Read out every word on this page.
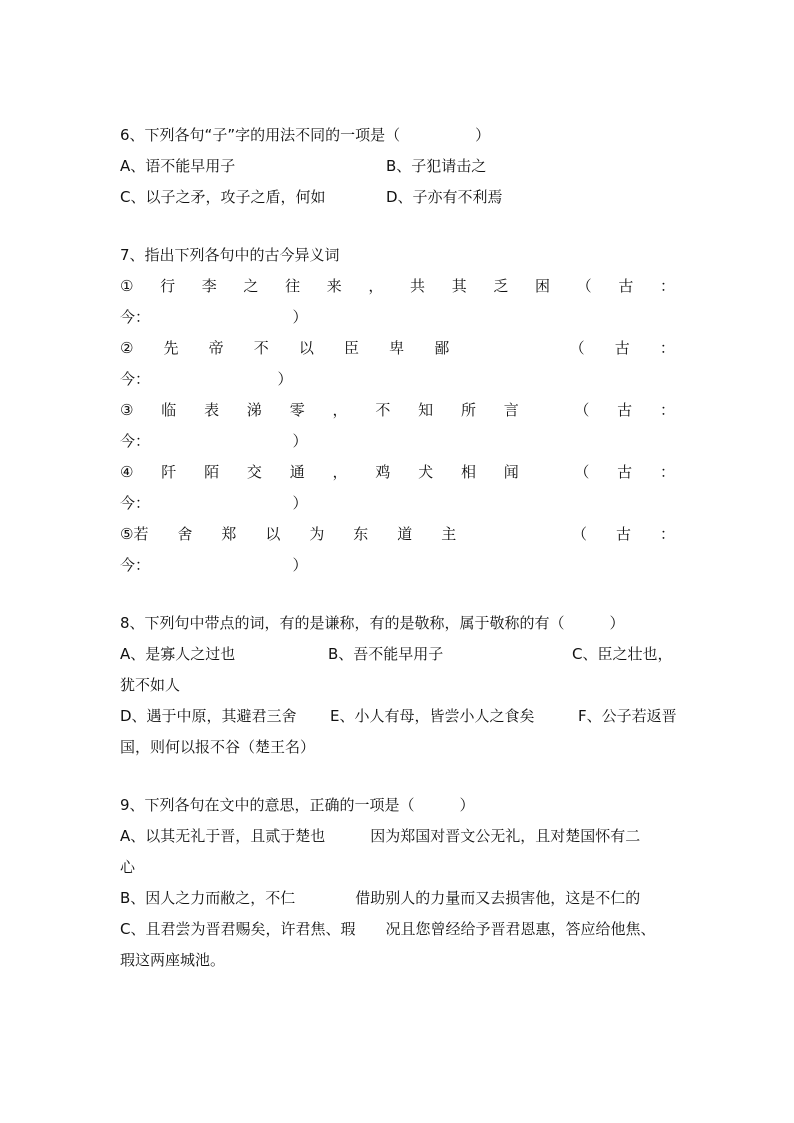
6、下列各句“子”字的用法不同的一项是（　　　　　）
A、语不能早用子	B、子犯请击之
C、以子之矛，攻子之盾，何如	D、子亦有不利焉
7、指出下列各句中的古今异义词
① 行 李 之 往 来 ， 共 其 乏 困 （ 古 ：
今：　　　　　　　　　　）
② 先 帝 不 以 臣 卑 鄙	（ 古 ：
今：　　　　　　　　　）
③ 临 表 涕 零 ， 不 知 所 言	（ 古 ：
今：　　　　　　　　　　）
④ 阡 陌 交 通 ， 鸡 犬 相 闻	（ 古 ：
今：　　　　　　　　　　）
⑤若 舍 郑 以 为 东 道 主	（ 古 ：
今：　　　　　　　　　　）
8、下列句中带点的词，有的是谦称，有的是敬称，属于敬称的有（　　　）
A、是寡人之过也	B、吾不能早用子	C、臣之壮也，
犹不如人
D、遇于中原，其避君三舍 E、小人有母，皆尝小人之食矣	F、公子若返晋
国，则何以报不谷（楚王名）
9、下列各句在文中的意思，正确的一项是（　　　）
A、以其无礼于晋，且贰于楚也　　　因为郑国对晋文公无礼，且对楚国怀有二
心
B、因人之力而敝之，不仁　　　　借助别人的力量而又去损害他，这是不仁的
C、且君尝为晋君赐矣，许君焦、瑕　　况且您曾经给予晋君恩惠，答应给他焦、
瑕这两座城池。
